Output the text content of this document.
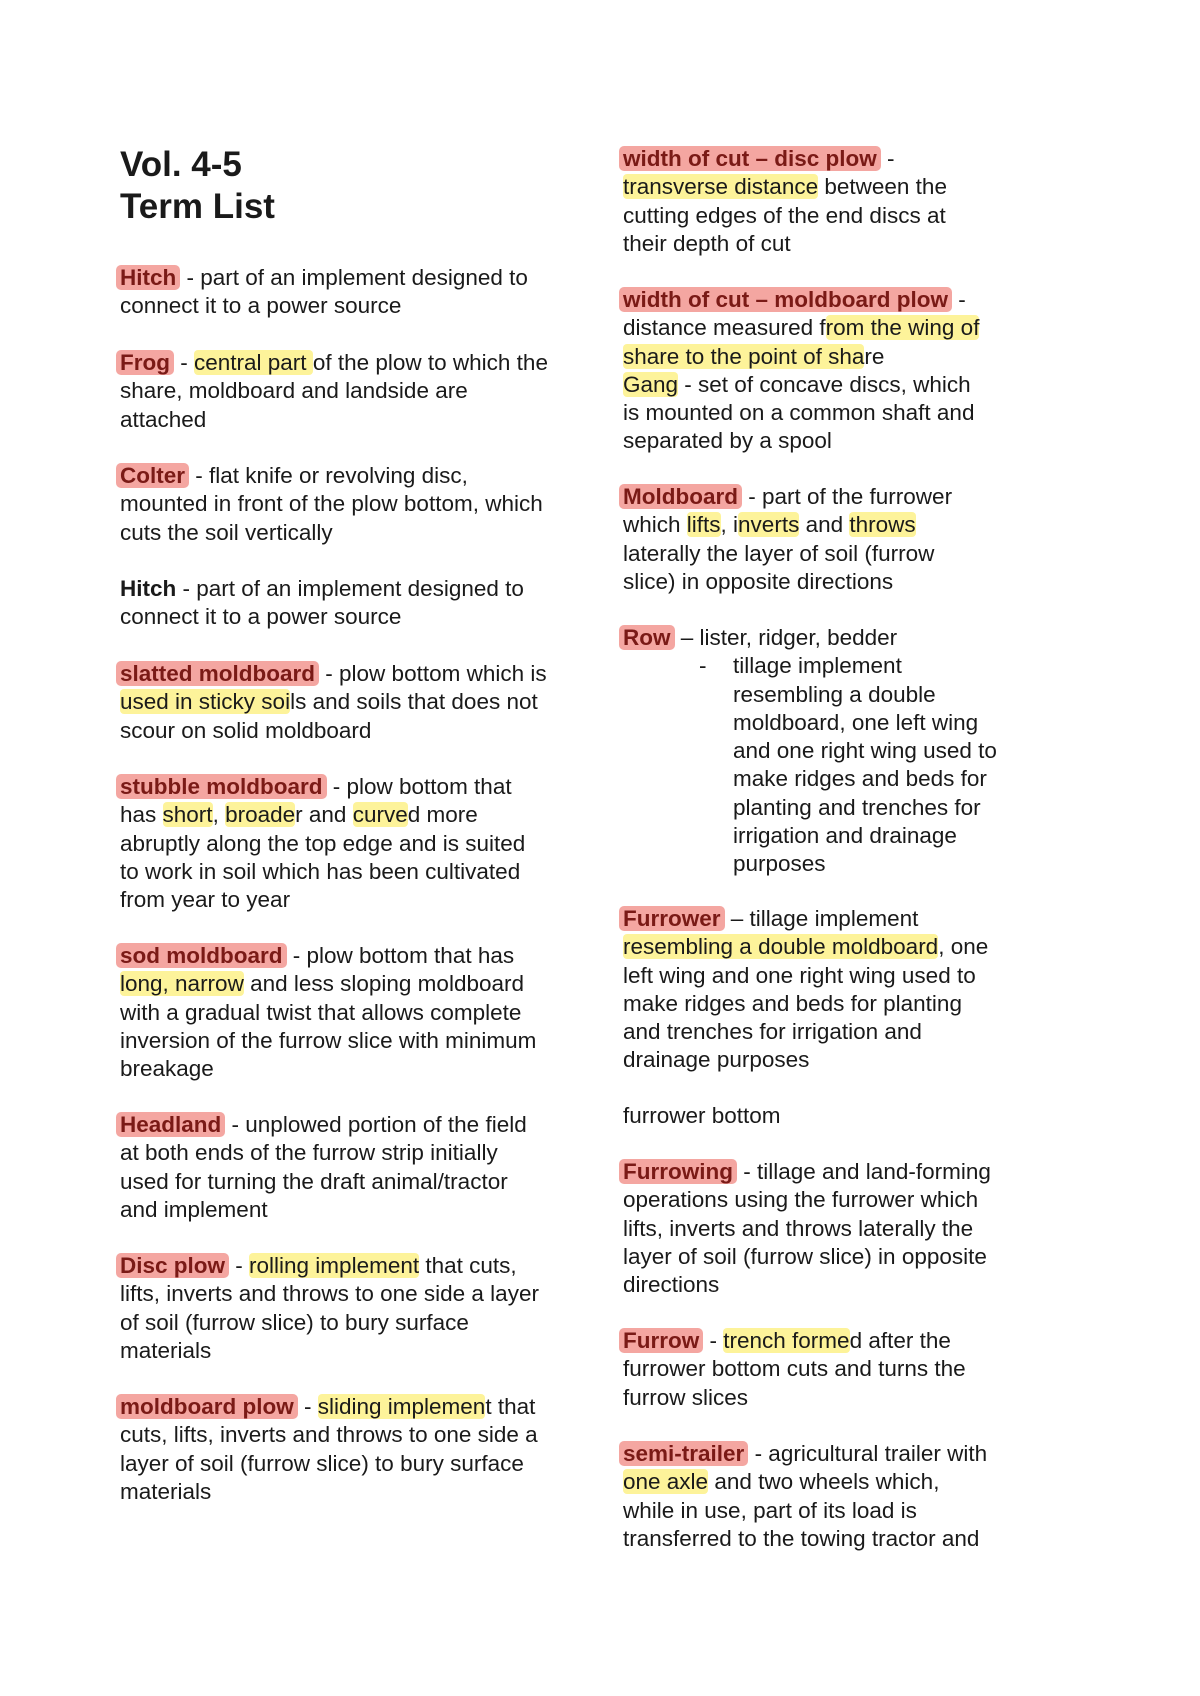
Vol. 4-5
Term List
Hitch - part of an implement designed to
connect it to a power source
Frog - central part of the plow to which the
share, moldboard and landside are
attached
Colter - flat knife or revolving disc,
mounted in front of the plow bottom, which
cuts the soil vertically
Hitch - part of an implement designed to
connect it to a power source
slatted moldboard - plow bottom which is
used in sticky soils and soils that does not
scour on solid moldboard
stubble moldboard - plow bottom that
has short, broader and curved more
abruptly along the top edge and is suited
to work in soil which has been cultivated
from year to year
sod moldboard - plow bottom that has
long, narrow and less sloping moldboard
with a gradual twist that allows complete
inversion of the furrow slice with minimum
breakage
Headland - unplowed portion of the field
at both ends of the furrow strip initially
used for turning the draft animal/tractor
and implement
Disc plow - rolling implement that cuts,
lifts, inverts and throws to one side a layer
of soil (furrow slice) to bury surface
materials
moldboard plow - sliding implement that
cuts, lifts, inverts and throws to one side a
layer of soil (furrow slice) to bury surface
materials
width of cut – disc plow -
transverse distance between the
cutting edges of the end discs at
their depth of cut
width of cut – moldboard plow -
distance measured from the wing of
share to the point of share
Gang - set of concave discs, which
is mounted on a common shaft and
separated by a spool
Moldboard - part of the furrower
which lifts, inverts and throws
laterally the layer of soil (furrow
slice) in opposite directions
Row – lister, ridger, bedder
- tillage implement
resembling a double
moldboard, one left wing
and one right wing used to
make ridges and beds for
planting and trenches for
irrigation and drainage
purposes
Furrower – tillage implement
resembling a double moldboard, one
left wing and one right wing used to
make ridges and beds for planting
and trenches for irrigation and
drainage purposes
furrower bottom
Furrowing - tillage and land-forming
operations using the furrower which
lifts, inverts and throws laterally the
layer of soil (furrow slice) in opposite
directions
Furrow - trench formed after the
furrower bottom cuts and turns the
furrow slices
semi-trailer - agricultural trailer with
one axle and two wheels which,
while in use, part of its load is
transferred to the towing tractor and
